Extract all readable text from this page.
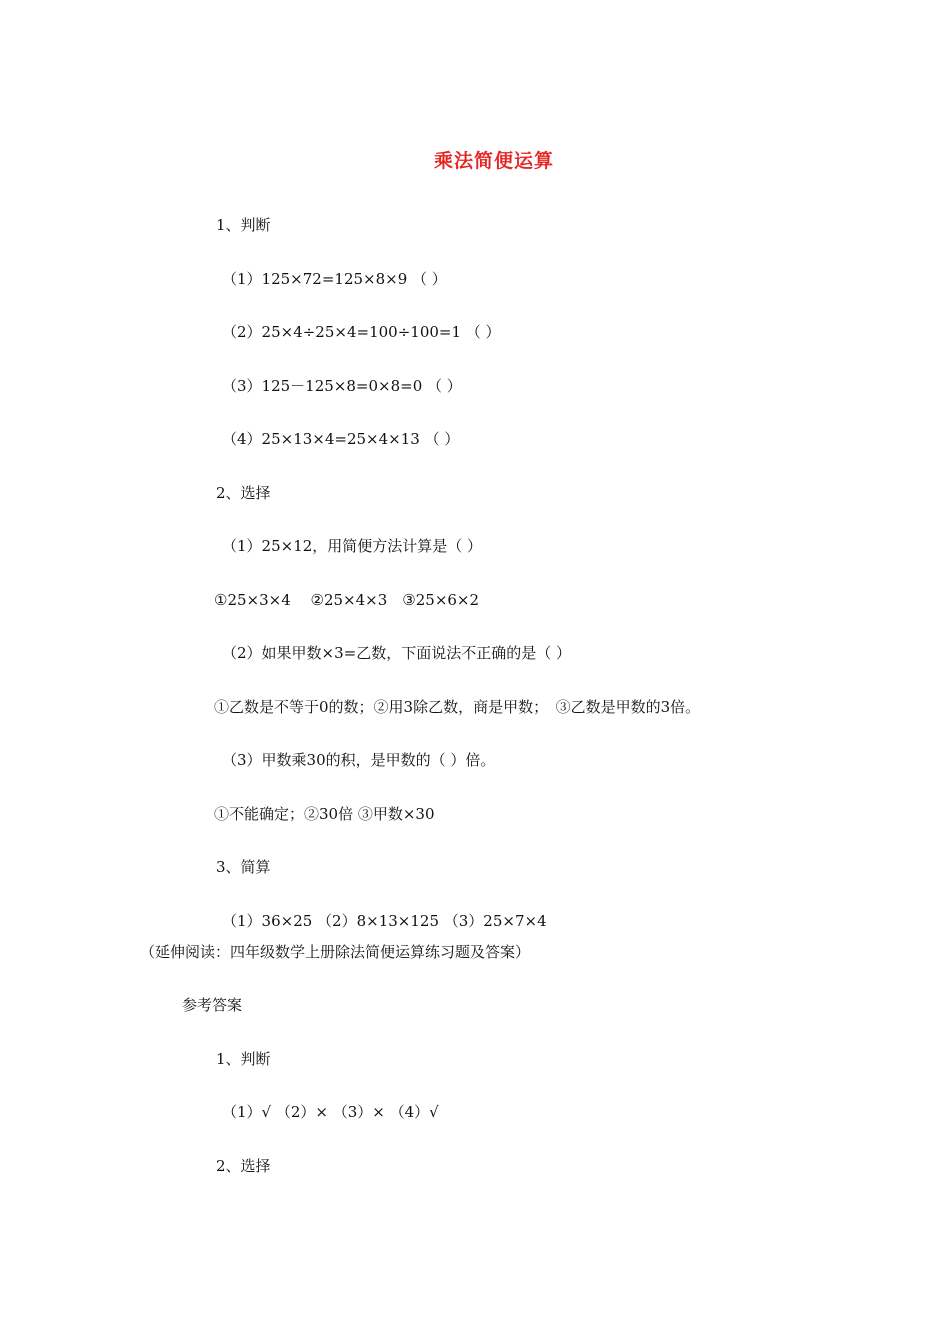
乘法简便运算

1、判断

（1）125×72=125×8×9 （ ）

（2）25×4÷25×4=100÷100=1 （ ）

（3）125－125×8=0×8=0 （ ）

（4）25×13×4=25×4×13 （ ）

2、选择

（1）25×12，用简便方法计算是（ ）

①25×3×4　 ②25×4×3　③25×6×2

（2）如果甲数×3=乙数，下面说法不正确的是（ ）

①乙数是不等于0的数；②用3除乙数，商是甲数；　③乙数是甲数的3倍。

（3）甲数乘30的积，是甲数的（ ）倍。

①不能确定；②30倍 ③甲数×30

3、简算

（1）36×25 （2）8×13×125 （3）25×7×4

（延伸阅读：四年级数学上册除法简便运算练习题及答案）

参考答案

1、判断

（1）√ （2）× （3）× （4）√

2、选择
